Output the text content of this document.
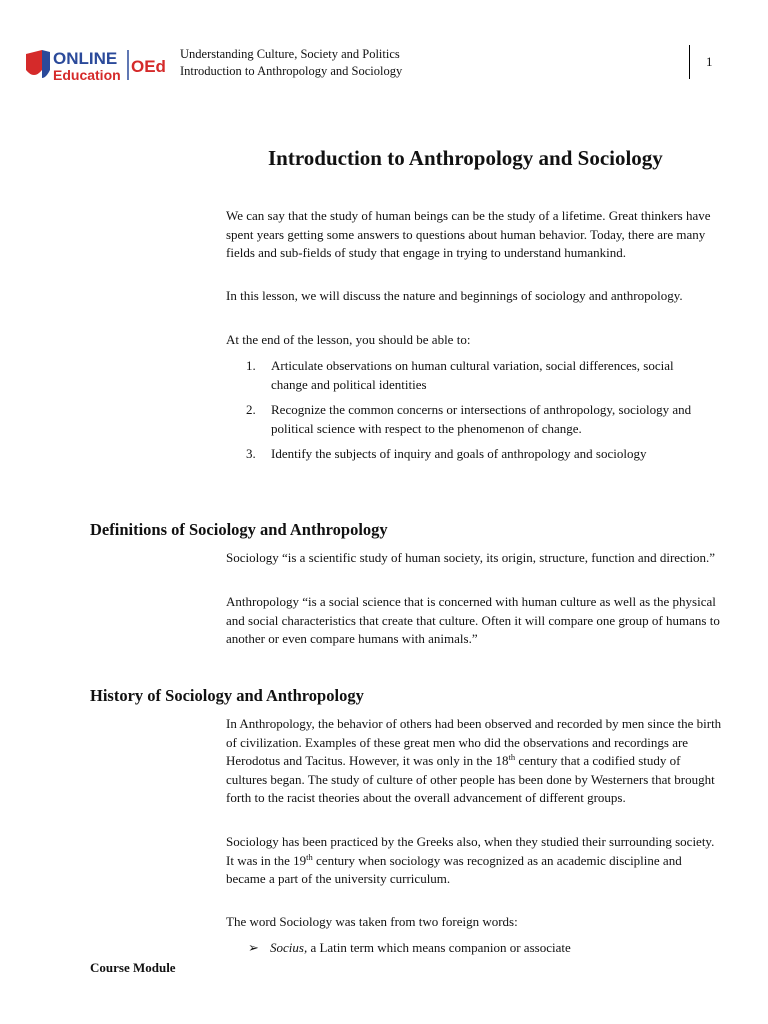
ONLINE
Education OEd
Understanding Culture, Society and Politics
Introduction to Anthropology and Sociology
1
Introduction to Anthropology and Sociology

We can say that the study of human beings can be the study of a lifetime. Great thinkers have spent years getting some answers to questions about human behavior. Today, there are many fields and sub-fields of study that engage in trying to understand humankind.

In this lesson, we will discuss the nature and beginnings of sociology and anthropology.

At the end of the lesson, you should be able to:

1. Articulate observations on human cultural variation, social differences, social change and political identities
2. Recognize the common concerns or intersections of anthropology, sociology and political science with respect to the phenomenon of change.
3. Identify the subjects of inquiry and goals of anthropology and sociology
Definitions of Sociology and Anthropology

Sociology “is a scientific study of human society, its origin, structure, function and direction.”

Anthropology “is a social science that is concerned with human culture as well as the physical and social characteristics that create that culture. Often it will compare one group of humans to another or even compare humans with animals.”

History of Sociology and Anthropology

In Anthropology, the behavior of others had been observed and recorded by men since the birth of civilization. Examples of these great men who did the observations and recordings are Herodotus and Tacitus. However, it was only in the 18th century that a codified study of cultures began. The study of culture of other people has been done by Westerners that brought forth to the racist theories about the overall advancement of different groups.

Sociology has been practiced by the Greeks also, when they studied their surrounding society. It was in the 19th century when sociology was recognized as an academic discipline and became a part of the university curriculum.

The word Sociology was taken from two foreign words:

➢ Socius, a Latin term which means companion or associate
Course Module
